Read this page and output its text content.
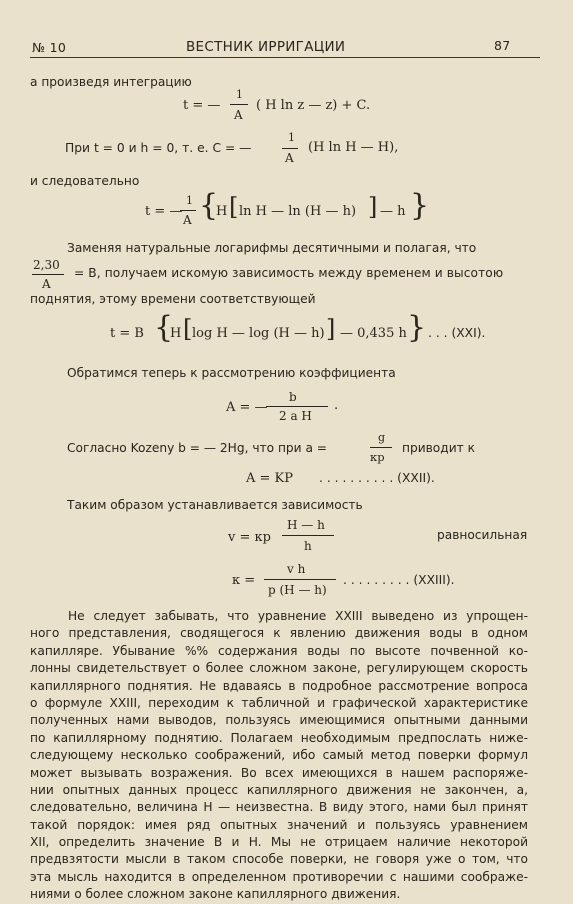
№ 10	ВЕСТНИК ИРРИГАЦИИ	87
а произведя интеграцию
t = —
1
A
( H ln z — z) + C.
При t = 0 и h = 0, т. е. C = —
1
A
(H ln H — H),
и следовательно
t = —
1
A {
H [ ln H — ln (H — h) ] — h }
Заменяя натуральные логарифмы десятичными и полагая, что
2,30
A
= B, получаем искомую зависимость между временем и высотою
поднятия, этому времени соответствующей
t = B {
H [ log H — log (H — h) ] — 0,435 h } . . . (XXI).
Обратимся теперь к рассмотрению коэффициента
A = —
b
2 a H
.
Согласно Kozeny b = — 2Hg, что при a =
g
кр
приводит к
A = KP . . . . . . . . . . (XXII).
Таким образом устанавливается зависимость
v = кр
H — h
h
равносильная
к =
v h
p (H — h)
. . . . . . . . . (XXIII).
Не следует забывать, что уравнение XXIII выведено из упрощен-
ного представления, сводящегося к явлению движения воды в одном
капилляре. Убывание %% содержания воды по высоте почвенной ко-
лонны свидетельствует о более сложном законе, регулирующем скорость
капиллярного поднятия. Не вдаваясь в подробное рассмотрение вопроса
о формуле XXIII, переходим к табличной и графической характеристике
полученных нами выводов, пользуясь имеющимися опытными данными
по капиллярному поднятию. Полагаем необходимым предпослать ниже-
следующему несколько соображений, ибо самый метод поверки формул
может вызывать возражения. Во всех имеющихся в нашем распоряже-
нии опытных данных процесс капиллярного движения не закончен, а,
следовательно, величина H — неизвестна. В виду этого, нами был принят
такой порядок: имея ряд опытных значений и пользуясь уравнением
XII, определить значение B и H. Мы не отрицаем наличие некоторой
предвзятости мысли в таком способе поверки, не говоря уже о том, что
эта мысль находится в определенном противоречии с нашими соображе-
ниями о более сложном законе капиллярного движения.
